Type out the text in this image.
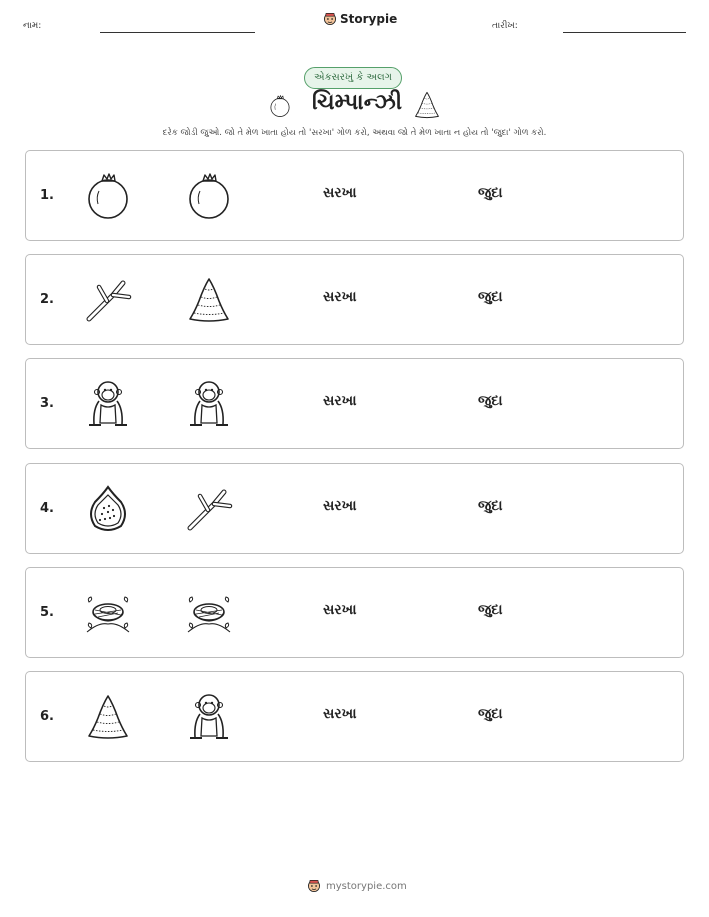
નામ:	Storypie	તારીખ:
એકસરખું કે અલગ
ચિમ્પાન્ઝી
દરેક જોડી જુઓ. જો તે મેળ ખાતા હોય તો 'સરખા' ગોળ કરો, અથવા જો તે મેળ ખાતા ન હોય તો 'જુદા' ગોળ કરો.
1.	સરખા	જુદા
2.	સરખા	જુદા
3.	સરખા	જુદા
4.	સરખા	જુદા
5.	સરખા	જુદા
6.	સરખા	જુદા
mystorypie.com
